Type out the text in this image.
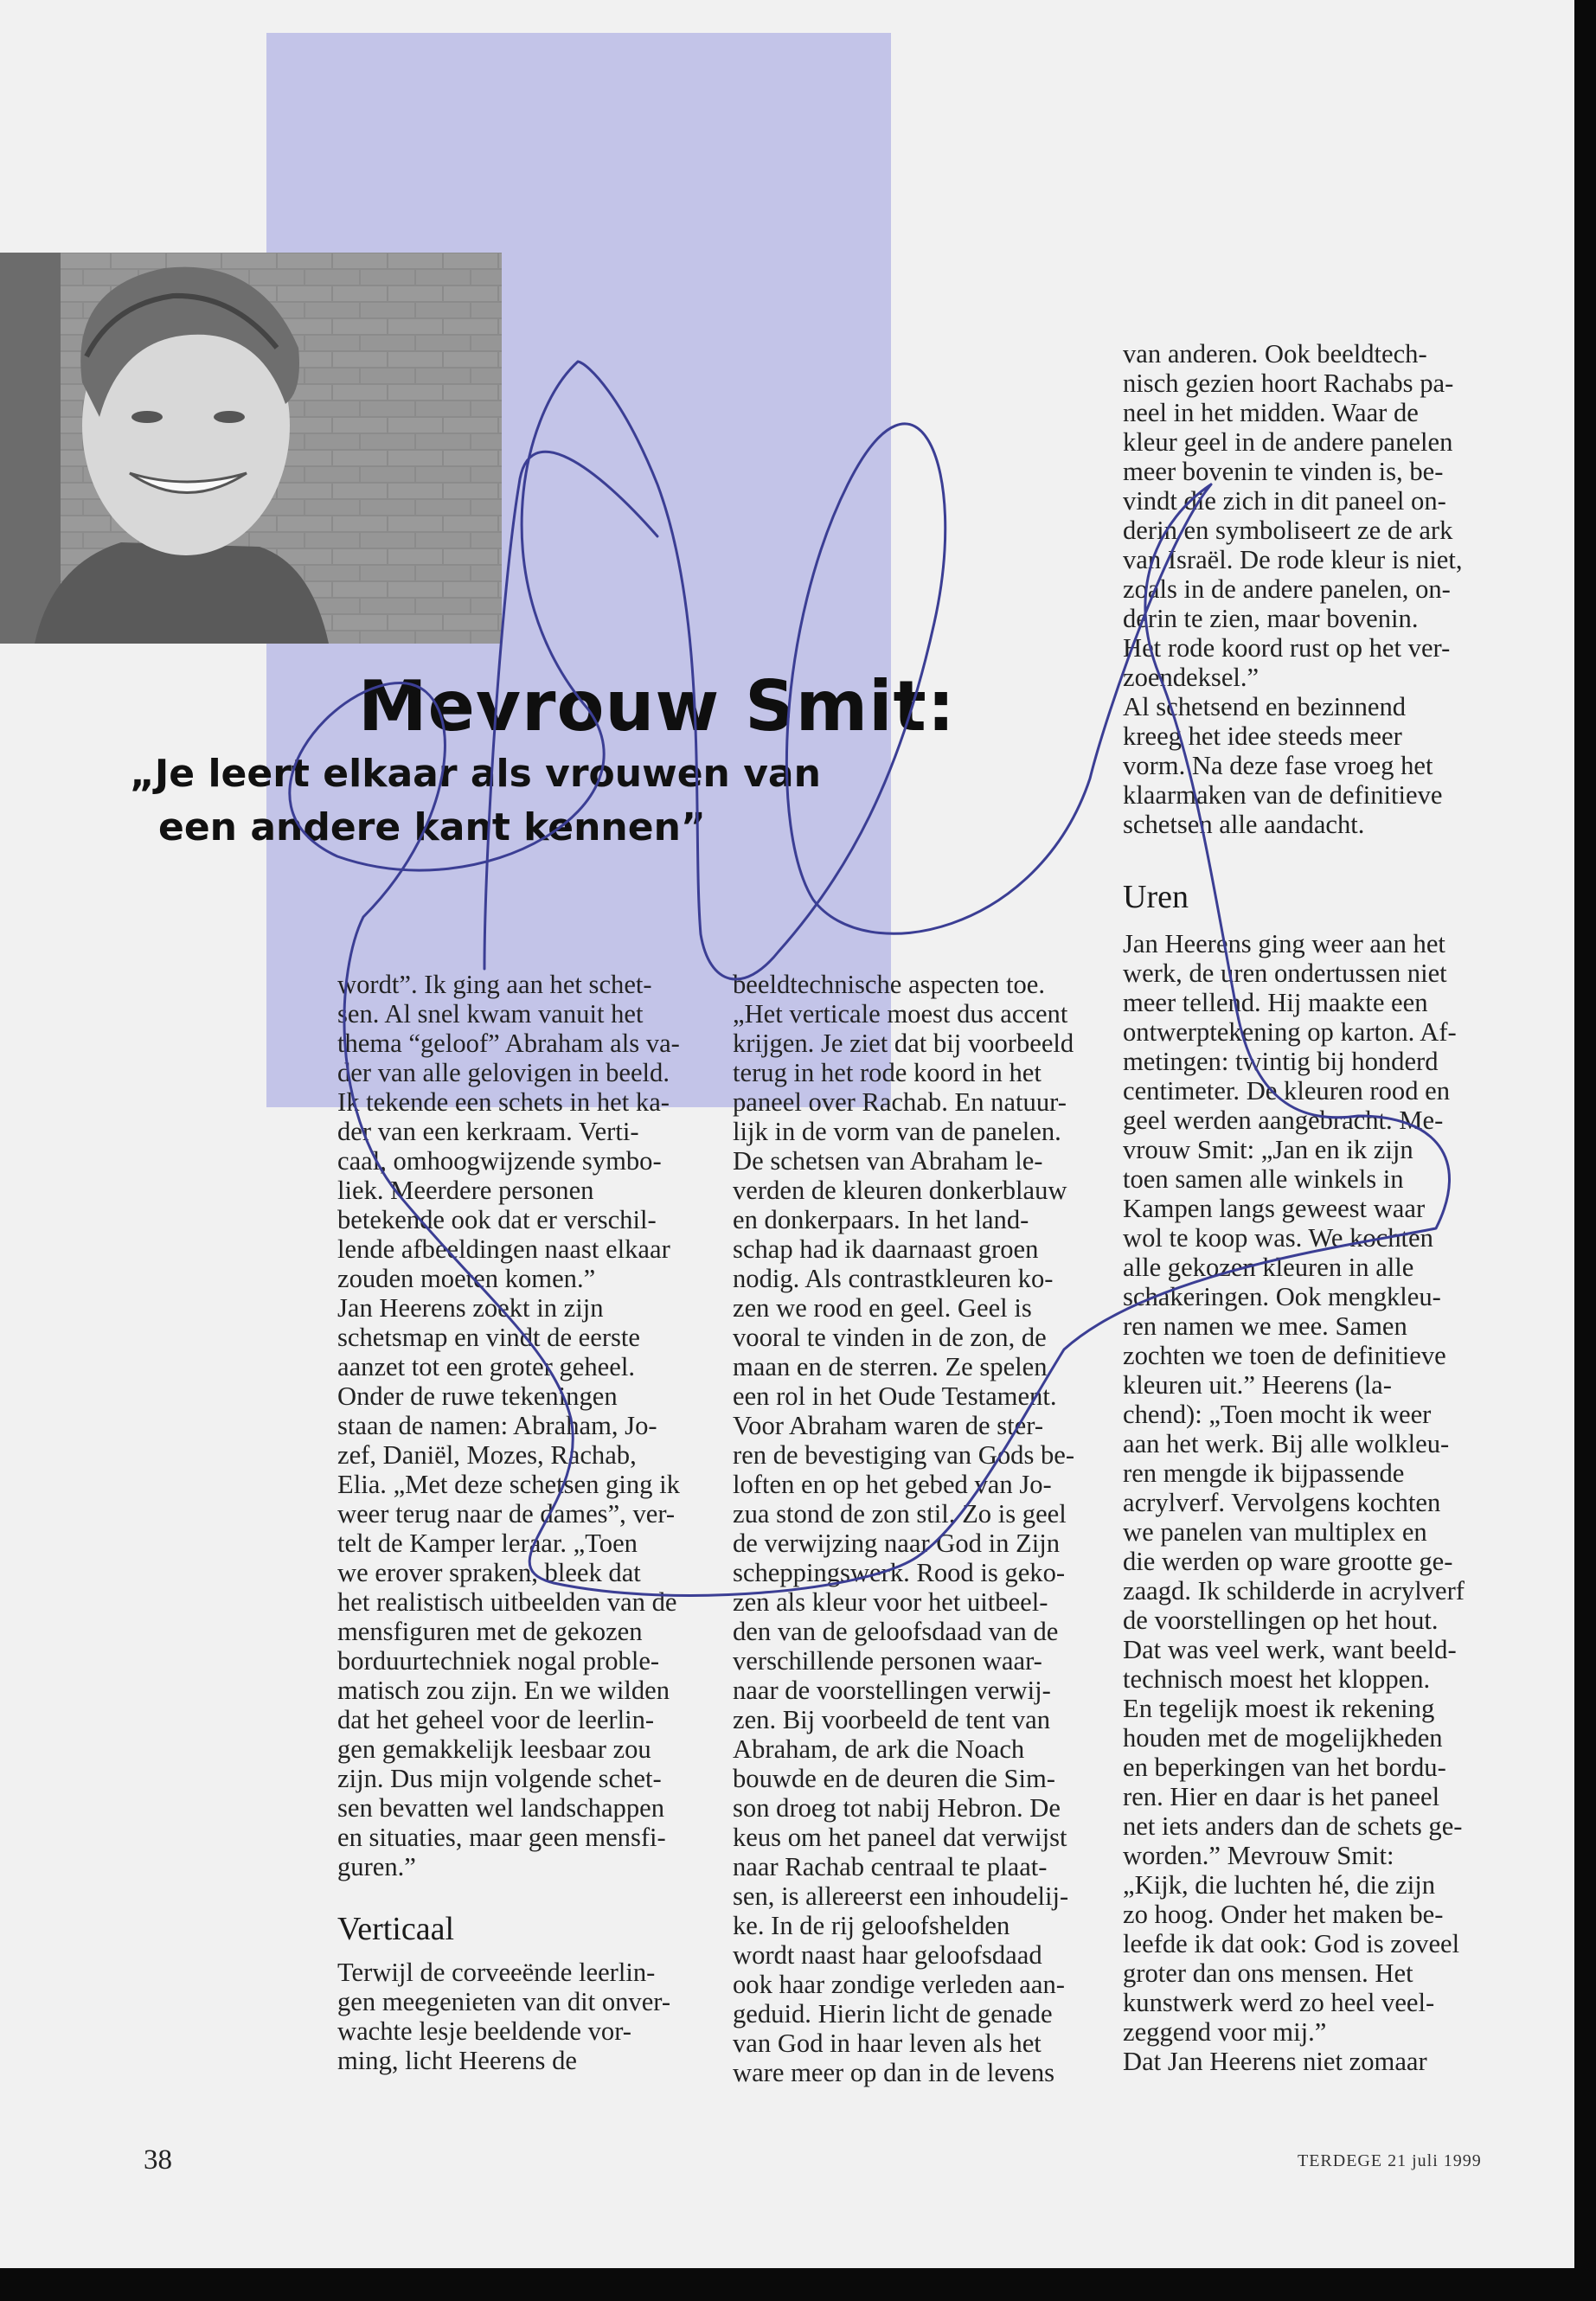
Mevrouw Smit:
„Je leert elkaar als vrouwen van
een andere kant kennen”

wordt”. Ik ging aan het schet-
sen. Al snel kwam vanuit het
thema “geloof” Abraham als va-
der van alle gelovigen in beeld.
Ik tekende een schets in het ka-
der van een kerkraam. Verti-
caal, omhoogwijzende symbo-
liek. Meerdere personen
betekende ook dat er verschil-
lende afbeeldingen naast elkaar
zouden moeten komen.”

Jan Heerens zoekt in zijn
schetsmap en vindt de eerste
aanzet tot een groter geheel.
Onder de ruwe tekeningen
staan de namen: Abraham, Jo-
zef, Daniël, Mozes, Rachab,
Elia. „Met deze schetsen ging ik
weer terug naar de dames”, ver-
telt de Kamper leraar. „Toen
we erover spraken, bleek dat
het realistisch uitbeelden van de
mensfiguren met de gekozen
borduurtechniek nogal proble-
matisch zou zijn. En we wilden
dat het geheel voor de leerlin-
gen gemakkelijk leesbaar zou
zijn. Dus mijn volgende schet-
sen bevatten wel landschappen
en situaties, maar geen mensfi-
guren.”

Verticaal

Terwijl de corveeënde leerlin-
gen meegenieten van dit onver-
wachte lesje beeldende vor-
ming, licht Heerens de

beeldtechnische aspecten toe.
„Het verticale moest dus accent
krijgen. Je ziet dat bij voorbeeld
terug in het rode koord in het
paneel over Rachab. En natuur-
lijk in de vorm van de panelen.
De schetsen van Abraham le-
verden de kleuren donkerblauw
en donkerpaars. In het land-
schap had ik daarnaast groen
nodig. Als contrastkleuren ko-
zen we rood en geel. Geel is
vooral te vinden in de zon, de
maan en de sterren. Ze spelen
een rol in het Oude Testament.
Voor Abraham waren de ster-
ren de bevestiging van Gods be-
loften en op het gebed van Jo-
zua stond de zon stil. Zo is geel
de verwijzing naar God in Zijn
scheppingswerk. Rood is geko-
zen als kleur voor het uitbeel-
den van de geloofsdaad van de
verschillende personen waar-
naar de voorstellingen verwij-
zen. Bij voorbeeld de tent van
Abraham, de ark die Noach
bouwde en de deuren die Sim-
son droeg tot nabij Hebron. De
keus om het paneel dat verwijst
naar Rachab centraal te plaat-
sen, is allereerst een inhoudelij-
ke. In de rij geloofshelden
wordt naast haar geloofsdaad
ook haar zondige verleden aan-
geduid. Hierin licht de genade
van God in haar leven als het
ware meer op dan in de levens

van anderen. Ook beeldtech-
nisch gezien hoort Rachabs pa-
neel in het midden. Waar de
kleur geel in de andere panelen
meer bovenin te vinden is, be-
vindt die zich in dit paneel on-
derin en symboliseert ze de ark
van Israël. De rode kleur is niet,
zoals in de andere panelen, on-
derin te zien, maar bovenin.
Het rode koord rust op het ver-
zoendeksel.”

Al schetsend en bezinnend
kreeg het idee steeds meer
vorm. Na deze fase vroeg het
klaarmaken van de definitieve
schetsen alle aandacht.

Uren

Jan Heerens ging weer aan het
werk, de uren ondertussen niet
meer tellend. Hij maakte een
ontwerptekening op karton. Af-
metingen: twintig bij honderd
centimeter. De kleuren rood en
geel werden aangebracht. Me-
vrouw Smit: „Jan en ik zijn
toen samen alle winkels in
Kampen langs geweest waar
wol te koop was. We kochten
alle gekozen kleuren in alle
schakeringen. Ook mengkleu-
ren namen we mee. Samen
zochten we toen de definitieve
kleuren uit.” Heerens (la-
chend): „Toen mocht ik weer
aan het werk. Bij alle wolkleu-
ren mengde ik bijpassende
acrylverf. Vervolgens kochten
we panelen van multiplex en
die werden op ware grootte ge-
zaagd. Ik schilderde in acrylverf
de voorstellingen op het hout.
Dat was veel werk, want beeld-
technisch moest het kloppen.
En tegelijk moest ik rekening
houden met de mogelijkheden
en beperkingen van het bordu-
ren. Hier en daar is het paneel
net iets anders dan de schets ge-
worden.” Mevrouw Smit:
„Kijk, die luchten hé, die zijn
zo hoog. Onder het maken be-
leefde ik dat ook: God is zoveel
groter dan ons mensen. Het
kunstwerk werd zo heel veel-
zeggend voor mij.”
Dat Jan Heerens niet zomaar

38	TERDEGE 21 juli 1999
